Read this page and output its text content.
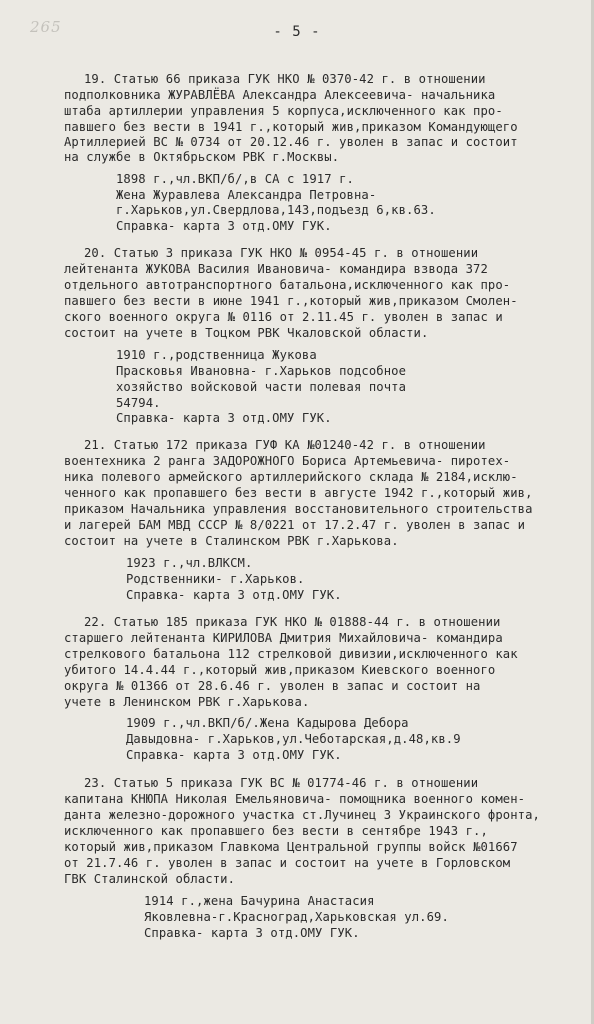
265	- 5 -
19. Статью 66 приказа ГУК НКО № 0370-42 г. в отношении
подполковника ЖУРАВЛЁВА Александра Алексеевича- начальника
штаба артиллерии управления 5 корпуса,исключенного как про-
павшего без вести в 1941 г.,который жив,приказом Командующего
Артиллерией ВС № 0734 от 20.12.46 г. уволен в запас и состоит
на службе в Октябрьском РВК г.Москвы.
1898 г.,чл.ВКП/б/,в СА с 1917 г.
Жена Журавлева Александра Петровна-
г.Харьков,ул.Свердлова,143,подъезд 6,кв.63.
Справка- карта 3 отд.ОМУ ГУК.
20. Статью 3 приказа ГУК НКО № 0954-45 г. в отношении
лейтенанта ЖУКОВА Василия Ивановича- командира взвода 372
отдельного автотранспортного батальона,исключенного как про-
павшего без вести в июне 1941 г.,который жив,приказом Смолен-
ского военного округа № 0116 от 2.11.45 г. уволен в запас и
состоит на учете в Тоцком РВК Чкаловской области.
1910 г.,родственница Жукова
Прасковья Ивановна- г.Харьков подсобное
хозяйство войсковой части полевая почта
54794.
Справка- карта 3 отд.ОМУ ГУК.
21. Статью 172 приказа ГУФ КА №01240-42 г. в отношении
воентехника 2 ранга ЗАДОРОЖНОГО Бориса Артемьевича- пиротех-
ника полевого армейского артиллерийского склада № 2184,исклю-
ченного как пропавшего без вести в августе 1942 г.,который жив,
приказом Начальника управления восстановительного строительства
и лагерей БАМ МВД СССР № 8/0221 от 17.2.47 г. уволен в запас и
состоит на учете в Сталинском РВК г.Харькова.
1923 г.,чл.ВЛКСМ.
Родственники- г.Харьков.
Справка- карта 3 отд.ОМУ ГУК.
22. Статью 185 приказа ГУК НКО № 01888-44 г. в отношении
старшего лейтенанта КИРИЛОВА Дмитрия Михайловича- командира
стрелкового батальона 112 стрелковой дивизии,исключенного как
убитого 14.4.44 г.,который жив,приказом Киевского военного
округа № 01366 от 28.6.46 г. уволен в запас и состоит на
учете в Ленинском РВК г.Харькова.
1909 г.,чл.ВКП/б/.Жена Кадырова Дебора
Давыдовна- г.Харьков,ул.Чеботарская,д.48,кв.9
Справка- карта 3 отд.ОМУ ГУК.
23. Статью 5 приказа ГУК ВС № 01774-46 г. в отношении
капитана КНЮПА Николая Емельяновича- помощника военного комен-
данта железно-дорожного участка ст.Лучинец 3 Украинского фронта,
исключенного как пропавшего без вести в сентябре 1943 г.,
который жив,приказом Главкома Центральной группы войск №01667
от 21.7.46 г. уволен в запас и состоит на учете в Горловском
ГВК Сталинской области.
1914 г.,жена Бачурина Анастасия
Яковлевна-г.Красноград,Харьковская ул.69.
Справка- карта 3 отд.ОМУ ГУК.
